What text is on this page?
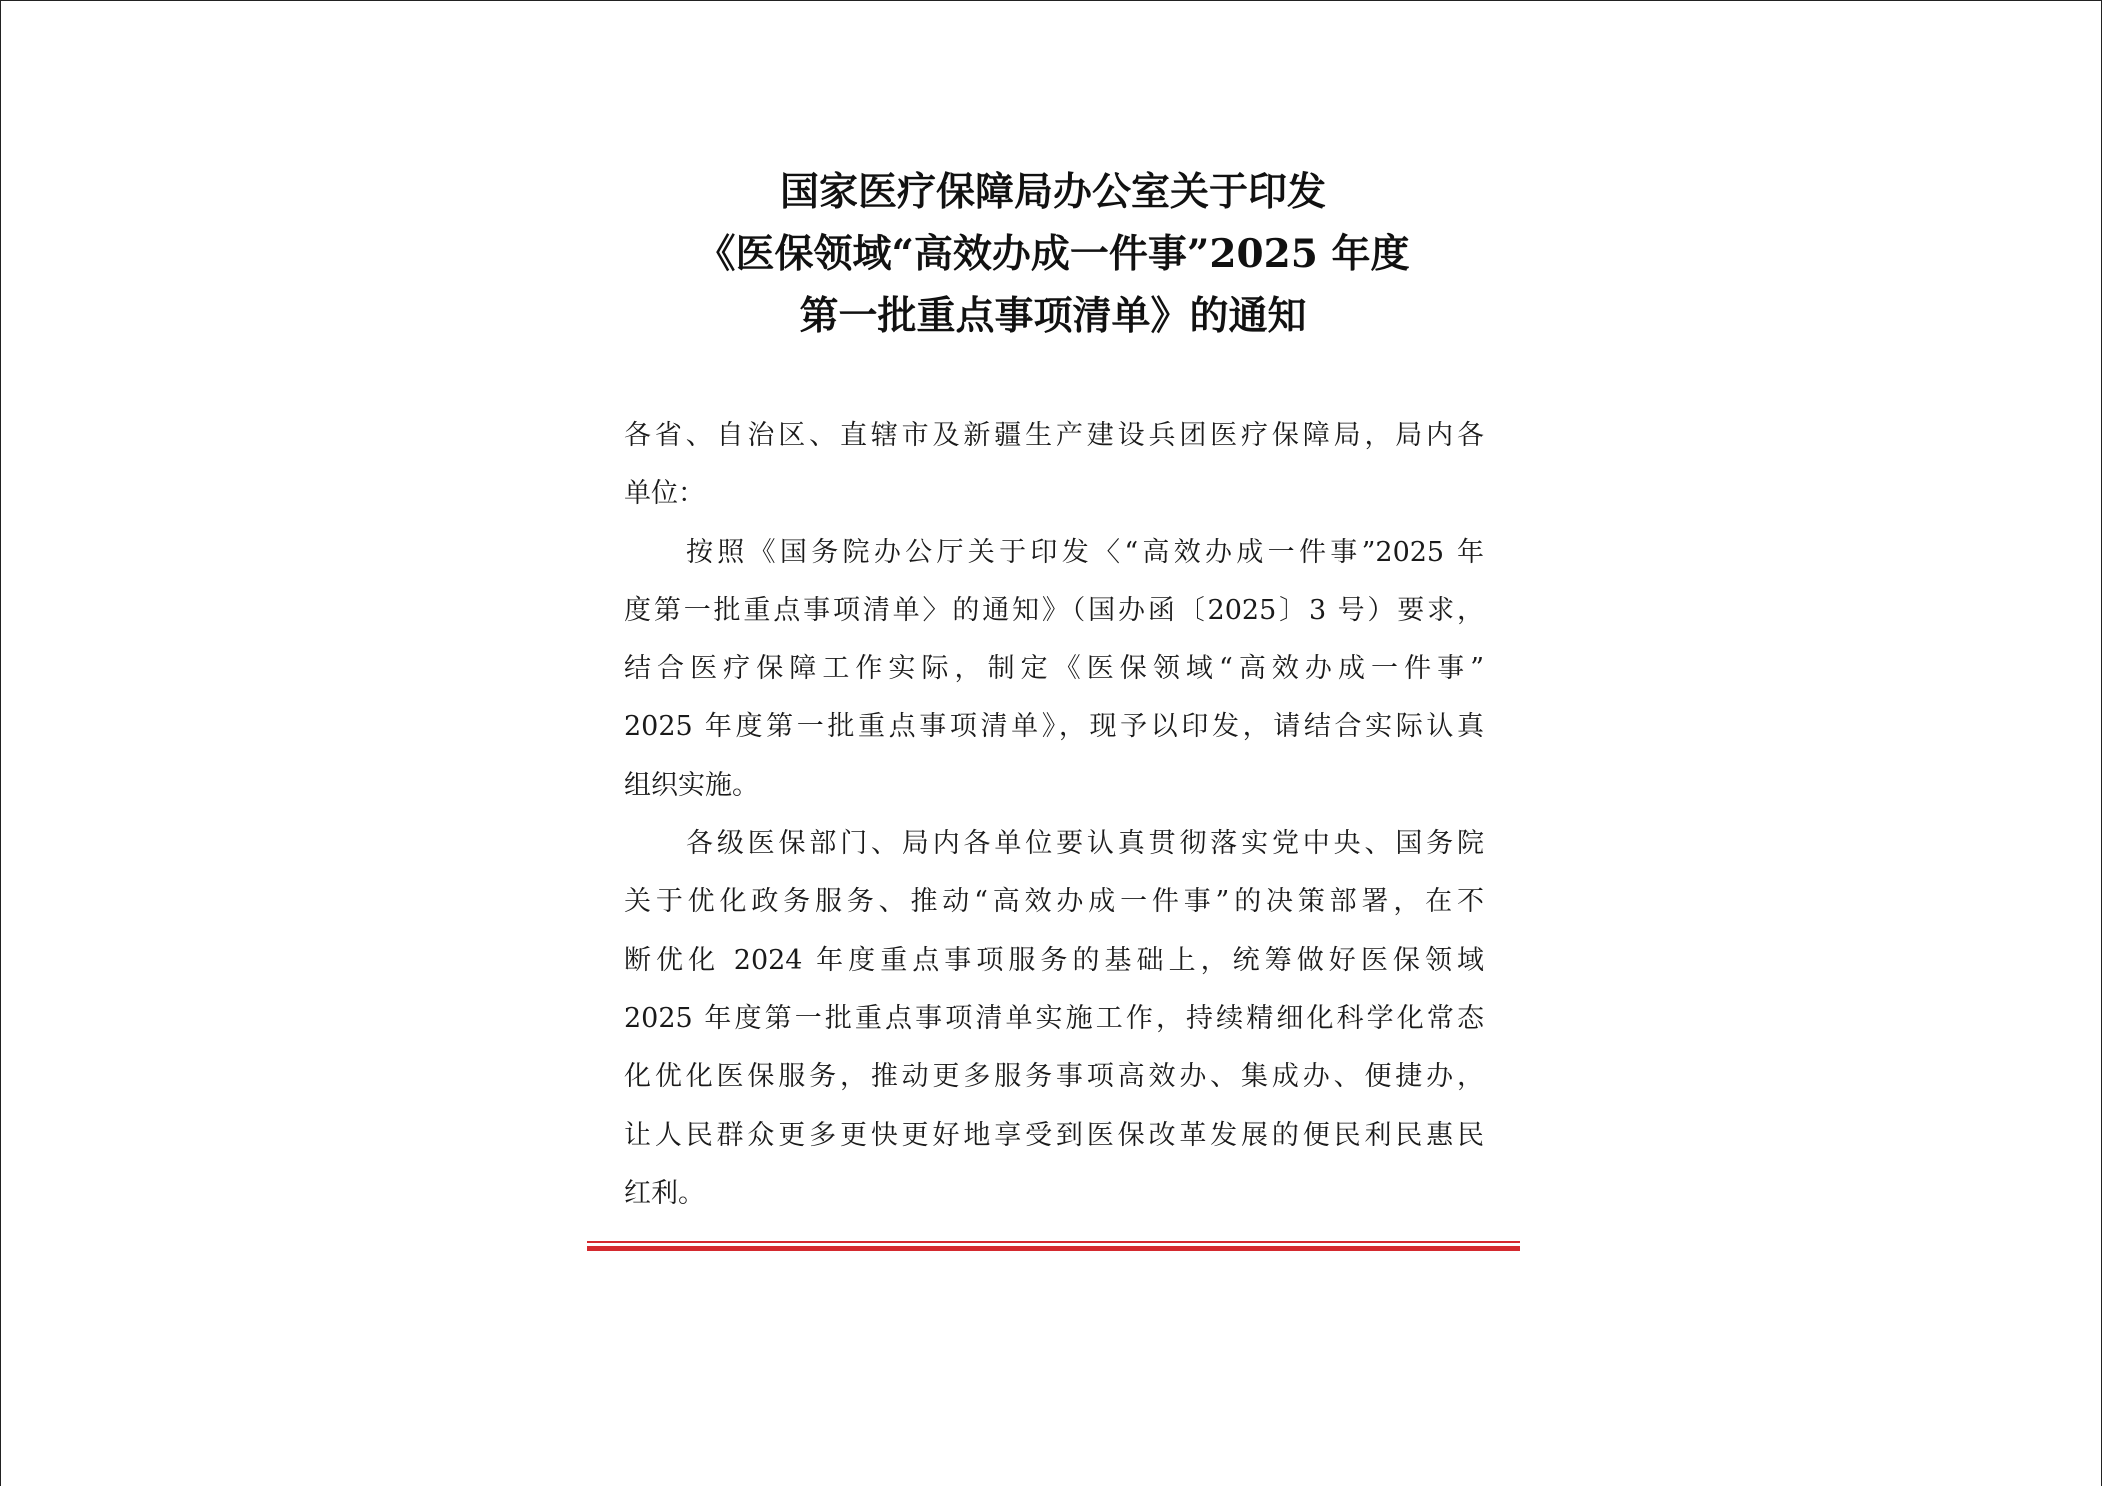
国家医疗保障局办公室关于印发
《医保领域“高效办成一件事”2025 年度
第一批重点事项清单》的通知
各省、自治区、直辖市及新疆生产建设兵团医疗保障局，局内各
单位：
按照《国务院办公厅关于印发〈“高效办成一件事”2025 年
度第一批重点事项清单〉的通知》（国办函〔2025〕3 号）要求，
结合医疗保障工作实际，制定《医保领域“高效办成一件事”
2025 年度第一批重点事项清单》，现予以印发，请结合实际认真
组织实施。
各级医保部门、局内各单位要认真贯彻落实党中央、国务院
关于优化政务服务、推动“高效办成一件事”的决策部署，在不
断优化 2024 年度重点事项服务的基础上，统筹做好医保领域
2025 年度第一批重点事项清单实施工作，持续精细化科学化常态
化优化医保服务，推动更多服务事项高效办、集成办、便捷办，
让人民群众更多更快更好地享受到医保改革发展的便民利民惠民
红利。
